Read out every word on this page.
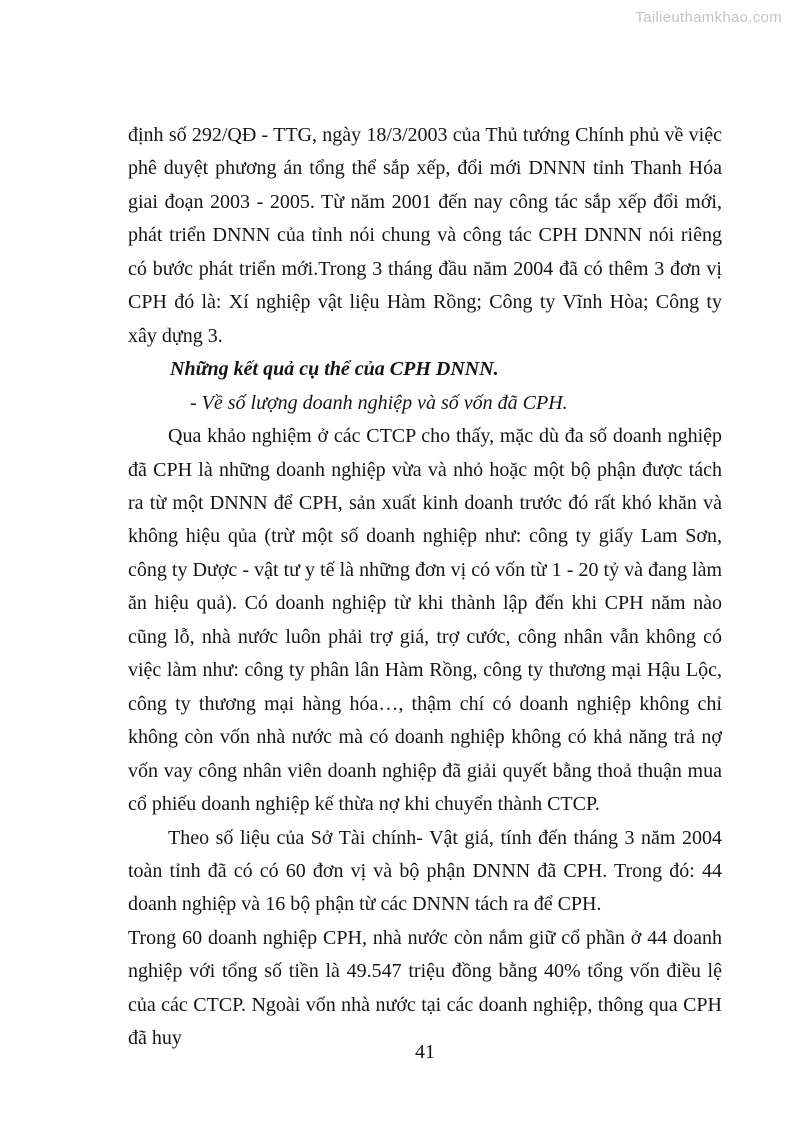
Tailieuthamkhao.com

định số 292/QĐ - TTG, ngày 18/3/2003 của Thủ tướng Chính phủ về việc phê duyệt phương án tổng thể sắp xếp, đổi mới DNNN tỉnh Thanh Hóa giai đoạn 2003 - 2005. Từ năm 2001 đến nay công tác sắp xếp đổi mới, phát triển DNNN của tỉnh nói chung và công tác CPH DNNN nói riêng có bước phát triển mới.Trong 3 tháng đầu năm 2004 đã có thêm 3 đơn vị CPH đó là: Xí nghiệp vật liệu Hàm Rồng; Công ty Vĩnh Hòa; Công ty xây dựng 3.

Những kết quả cụ thể của CPH DNNN.

- Về số lượng doanh nghiệp và số vốn đã CPH.

Qua khảo nghiệm ở các CTCP cho thấy, mặc dù đa số doanh nghiệp đã CPH là những doanh nghiệp vừa và nhỏ hoặc một bộ phận được tách ra từ một DNNN để CPH, sản xuất kinh doanh trước đó rất khó khăn và không hiệu qủa (trừ một số doanh nghiệp như: công ty giấy Lam Sơn, công ty Dược - vật tư y tế là những đơn vị có vốn từ 1 - 20 tỷ và đang làm ăn hiệu quả). Có doanh nghiệp từ khi thành lập đến khi CPH năm nào cũng lỗ, nhà nước luôn phải trợ giá, trợ cước, công nhân vẫn không có việc làm như: công ty phân lân Hàm Rồng, công ty thương mại Hậu Lộc, công ty thương mại hàng hóa…, thậm chí có doanh nghiệp không chỉ không còn vốn nhà nước mà có doanh nghiệp không có khả năng trả nợ vốn vay công nhân viên doanh nghiệp đã giải quyết bằng thoả thuận mua cổ phiếu doanh nghiệp kế thừa nợ khi chuyển thành CTCP.

Theo số liệu của Sở Tài chính- Vật giá, tính đến tháng 3 năm 2004 toàn tỉnh đã có có 60 đơn vị và bộ phận DNNN đã CPH. Trong đó: 44 doanh nghiệp và 16 bộ phận từ các DNNN tách ra để CPH.

Trong 60 doanh nghiệp CPH, nhà nước còn nắm giữ cổ phần ở 44 doanh nghiệp với tổng số tiền là 49.547 triệu đồng bằng 40% tổng vốn điều lệ của các CTCP. Ngoài vốn nhà nước tại các doanh nghiệp, thông qua CPH đã huy

41
